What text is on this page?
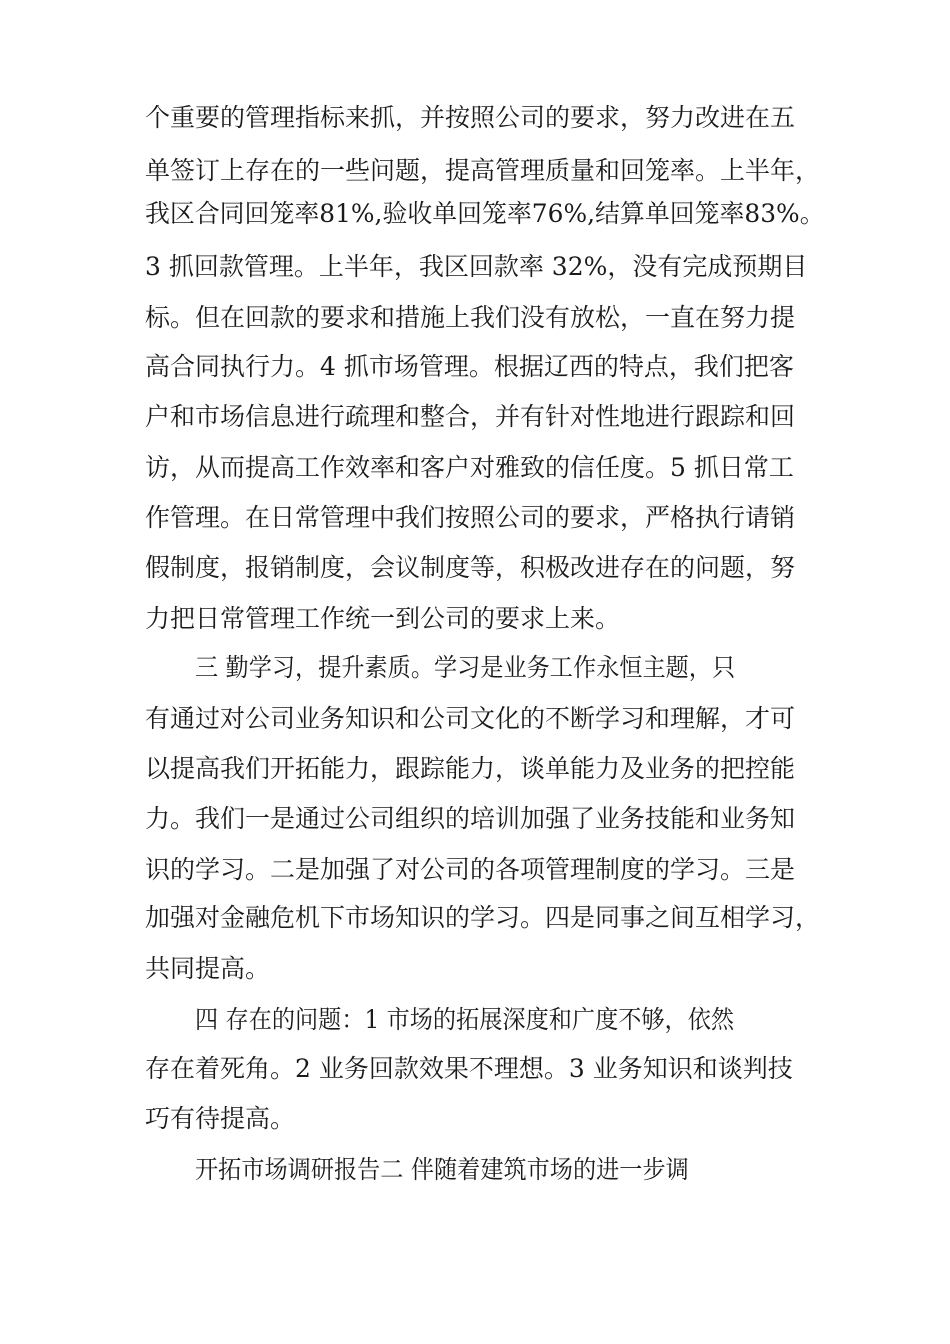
个重要的管理指标来抓，并按照公司的要求，努力改进在五
单签订上存在的一些问题，提高管理质量和回笼率。上半年，
我区合同回笼率81%,验收单回笼率76%,结算单回笼率83%。
3 抓回款管理。上半年，我区回款率 32%，没有完成预期目
标。但在回款的要求和措施上我们没有放松，一直在努力提
高合同执行力。4 抓市场管理。根据辽西的特点，我们把客
户和市场信息进行疏理和整合，并有针对性地进行跟踪和回
访，从而提高工作效率和客户对雅致的信任度。5 抓日常工
作管理。在日常管理中我们按照公司的要求，严格执行请销
假制度，报销制度，会议制度等，积极改进存在的问题，努
力把日常管理工作统一到公司的要求上来。
三 勤学习，提升素质。学习是业务工作永恒主题，只
有通过对公司业务知识和公司文化的不断学习和理解，才可
以提高我们开拓能力，跟踪能力，谈单能力及业务的把控能
力。我们一是通过公司组织的培训加强了业务技能和业务知
识的学习。二是加强了对公司的各项管理制度的学习。三是
加强对金融危机下市场知识的学习。四是同事之间互相学习，
共同提高。
四 存在的问题：1 市场的拓展深度和广度不够，依然
存在着死角。2 业务回款效果不理想。3 业务知识和谈判技
巧有待提高。
开拓市场调研报告二 伴随着建筑市场的进一步调
